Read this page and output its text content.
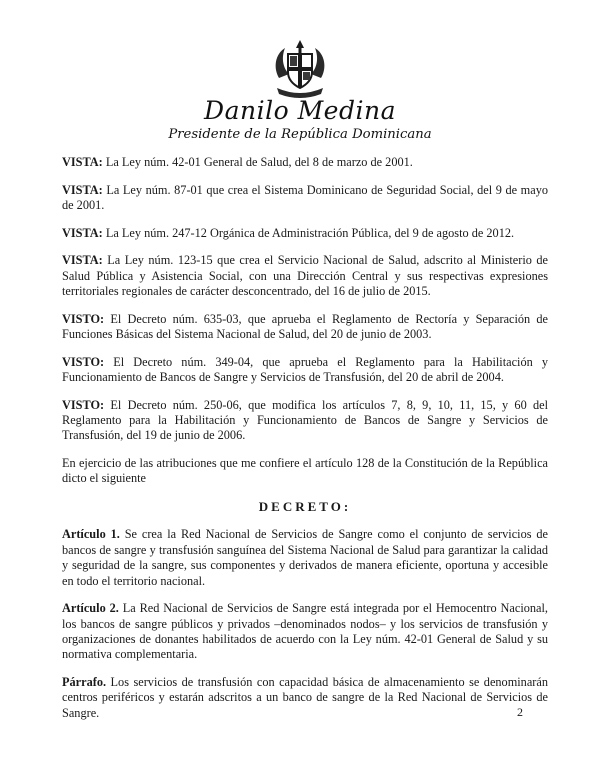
Danilo Medina
Presidente de la República Dominicana

VISTA: La Ley núm. 42-01 General de Salud, del 8 de marzo de 2001.

VISTA: La Ley núm. 87-01 que crea el Sistema Dominicano de Seguridad Social, del 9 de mayo de 2001.

VISTA: La Ley núm. 247-12 Orgánica de Administración Pública, del 9 de agosto de 2012.

VISTA: La Ley núm. 123-15 que crea el Servicio Nacional de Salud, adscrito al Ministerio de Salud Pública y Asistencia Social, con una Dirección Central y sus respectivas expresiones territoriales regionales de carácter desconcentrado, del 16 de julio de 2015.

VISTO: El Decreto núm. 635-03, que aprueba el Reglamento de Rectoría y Separación de Funciones Básicas del Sistema Nacional de Salud, del 20 de junio de 2003.

VISTO: El Decreto núm. 349-04, que aprueba el Reglamento para la Habilitación y Funcionamiento de Bancos de Sangre y Servicios de Transfusión, del 20 de abril de 2004.

VISTO: El Decreto núm. 250-06, que modifica los artículos 7, 8, 9, 10, 11, 15, y 60 del Reglamento para la Habilitación y Funcionamiento de Bancos de Sangre y Servicios de Transfusión, del 19 de junio de 2006.

En ejercicio de las atribuciones que me confiere el artículo 128 de la Constitución de la República dicto el siguiente

DECRETO:

Artículo 1. Se crea la Red Nacional de Servicios de Sangre como el conjunto de servicios de bancos de sangre y transfusión sanguínea del Sistema Nacional de Salud para garantizar la calidad y seguridad de la sangre, sus componentes y derivados de manera eficiente, oportuna y accesible en todo el territorio nacional.

Artículo 2. La Red Nacional de Servicios de Sangre está integrada por el Hemocentro Nacional, los bancos de sangre públicos y privados –denominados nodos– y los servicios de transfusión y organizaciones de donantes habilitados de acuerdo con la Ley núm. 42-01 General de Salud y su normativa complementaria.

Párrafo. Los servicios de transfusión con capacidad básica de almacenamiento se denominarán centros periféricos y estarán adscritos a un banco de sangre de la Red Nacional de Servicios de Sangre.	2
